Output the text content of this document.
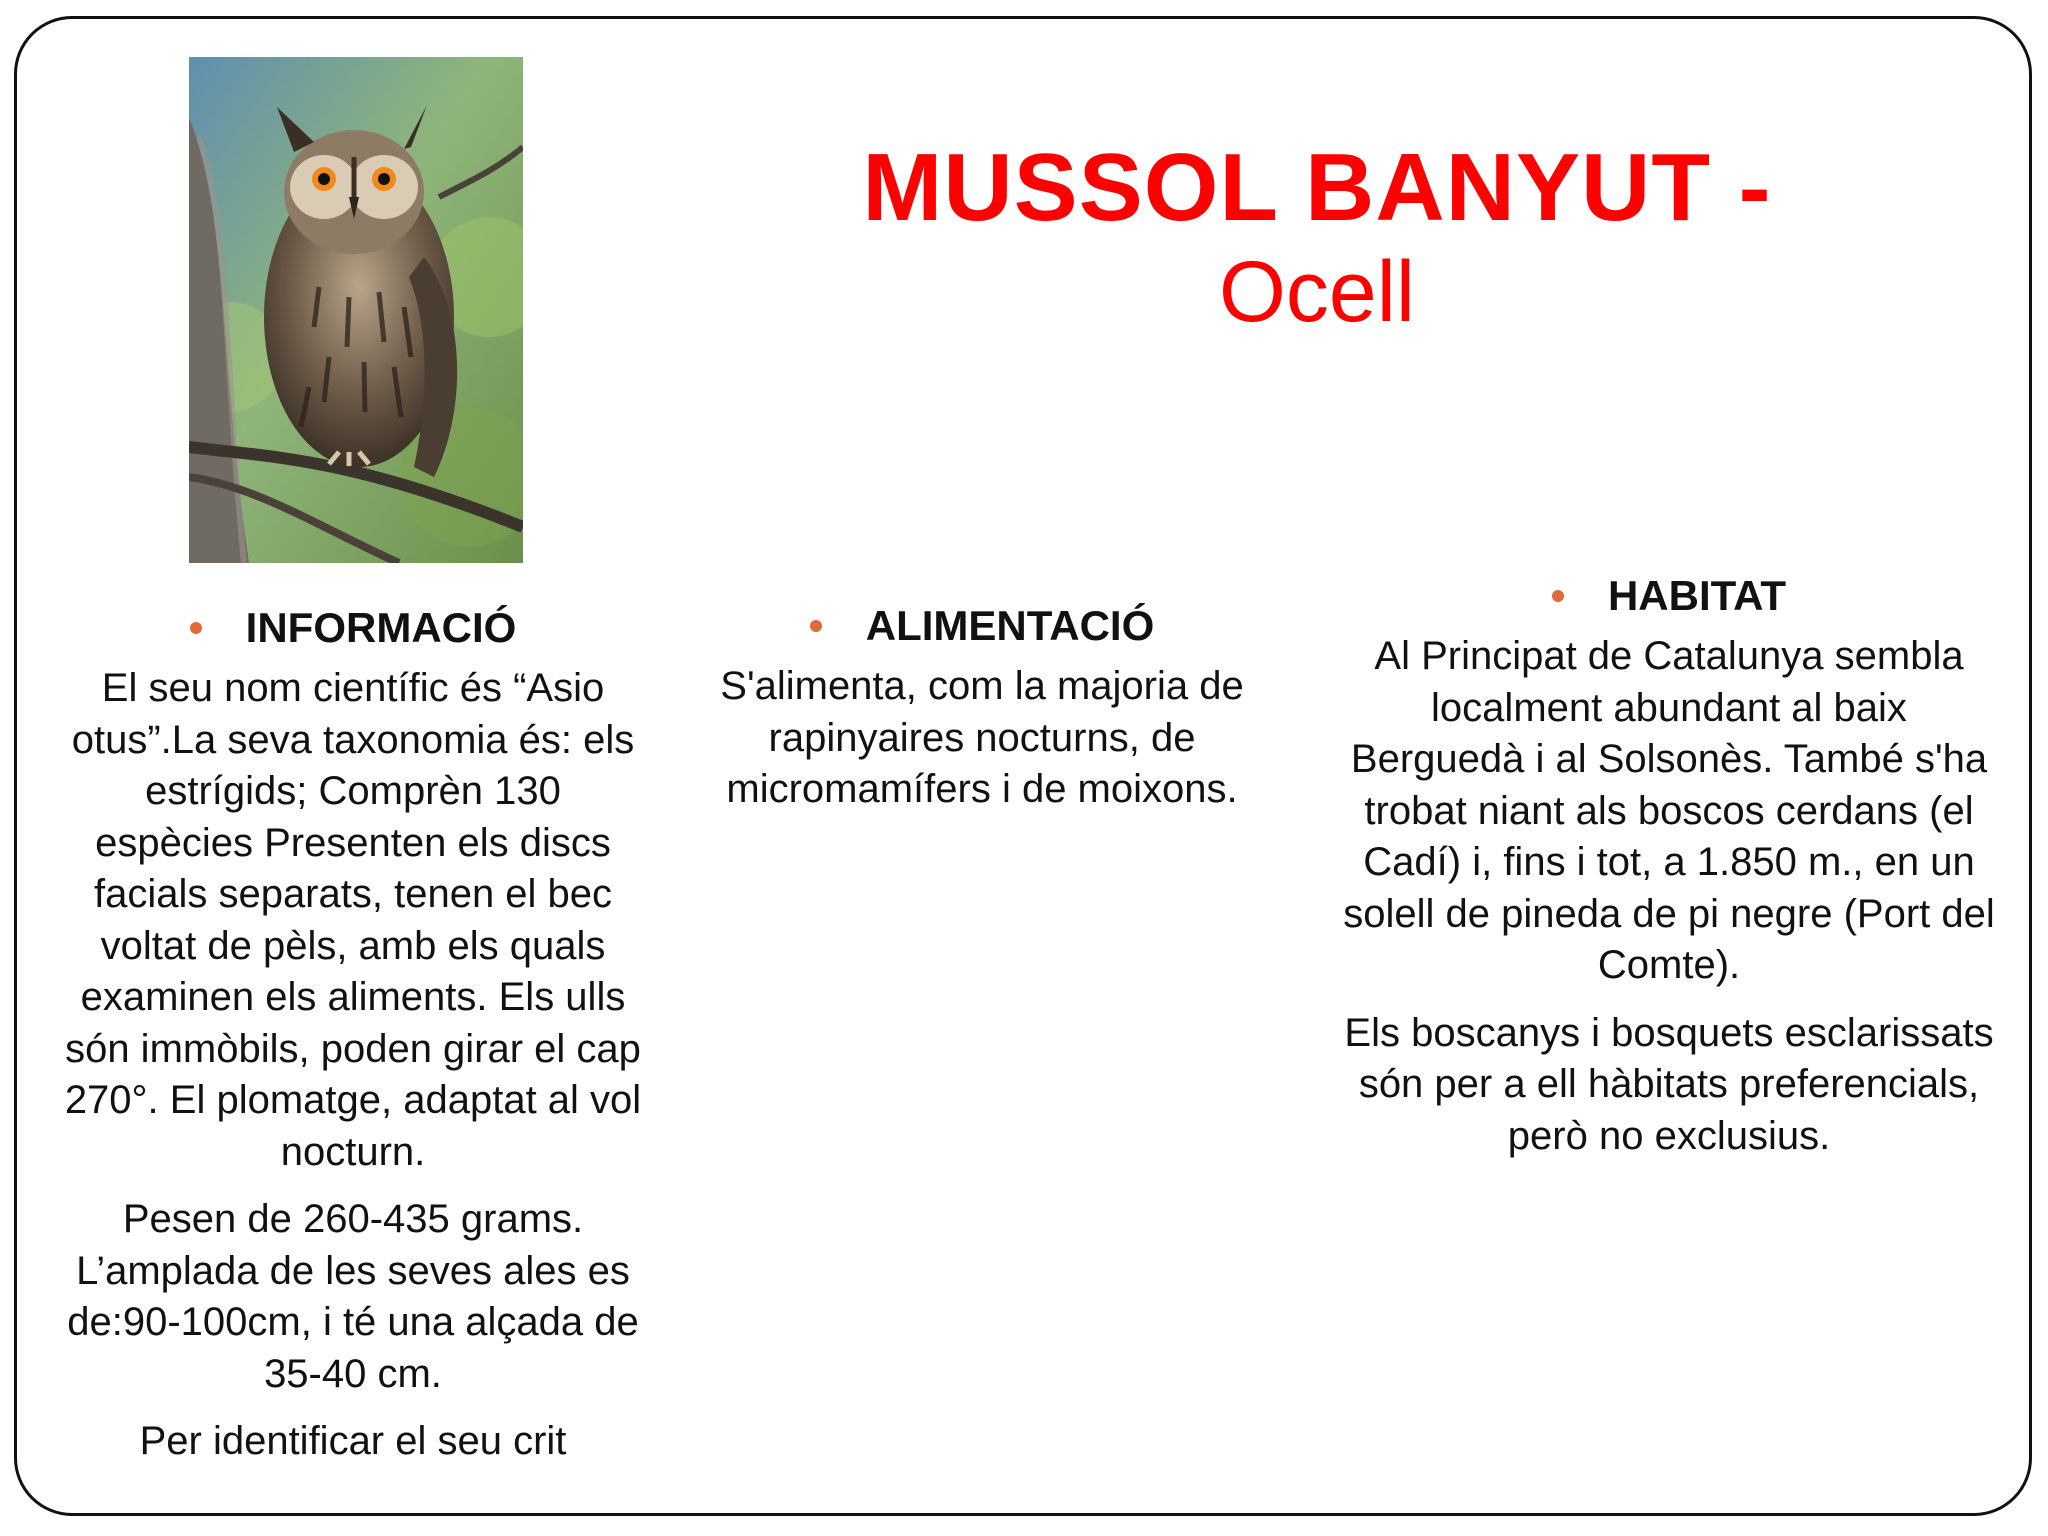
MUSSOL BANYUT -
Ocell
INFORMACIÓ

El seu nom científic és “Asio otus”.La seva taxonomia és: els estrígids; Comprèn 130 espècies Presenten els discs facials separats, tenen el bec voltat de pèls, amb els quals examinen els aliments. Els ulls són immòbils, poden girar el cap 270°. El plomatge, adaptat al vol nocturn.

Pesen de 260-435 grams. L’amplada de les seves ales es de:90-100cm, i té una alçada de 35-40 cm.

Per identificar el seu crit

ALIMENTACIÓ

S'alimenta, com la majoria de rapinyaires nocturns, de micromamífers i de moixons.

HABITAT

Al Principat de Catalunya sembla localment abundant al baix Berguedà i al Solsonès. També s'ha trobat niant als boscos cerdans (el Cadí) i, fins i tot, a 1.850 m., en un solell de pineda de pi negre (Port del Comte).

Els boscanys i bosquets esclarissats són per a ell hàbitats preferencials, però no exclusius.
